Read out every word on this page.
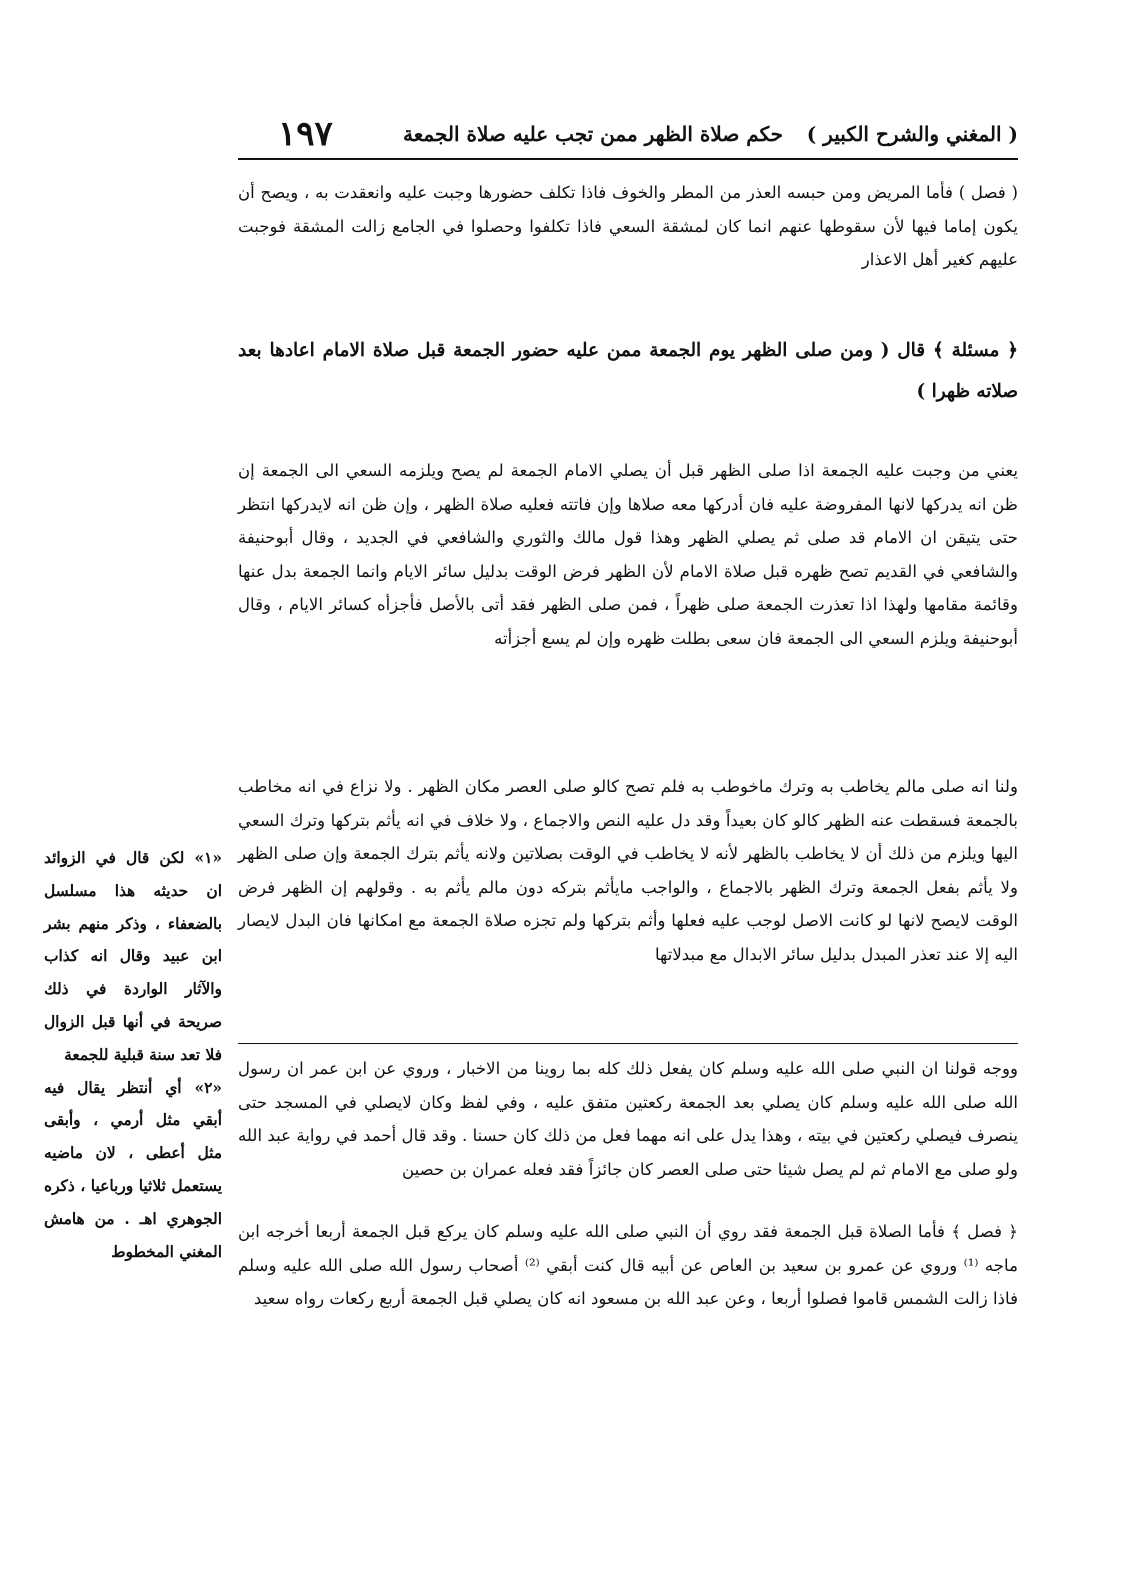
( المغني والشرح الكبير )
حكم صلاة الظهر ممن تجب عليه صلاة الجمعة
١٩٧

( فصل ) فأما المريض ومن حبسه العذر من المطر والخوف فاذا تكلف حضورها وجبت عليه وانعقدت به ، ويصح أن يكون إماما فيها لأن سقوطها عنهم انما كان لمشقة السعي فاذا تكلفوا وحصلوا في الجامع زالت المشقة فوجبت عليهم كغير أهل الاعذار

﴿ مسئلة ﴾ قال ( ومن صلى الظهر يوم الجمعة ممن عليه حضور الجمعة قبل صلاة الامام اعادها بعد صلاته ظهرا )

يعني من وجبت عليه الجمعة اذا صلى الظهر قبل أن يصلي الامام الجمعة لم يصح ويلزمه السعي الى الجمعة إن ظن انه يدركها لانها المفروضة عليه فان أدركها معه صلاها وإن فاتته فعليه صلاة الظهر ، وإن ظن انه لايدركها انتظر حتى يتيقن ان الامام قد صلى ثم يصلي الظهر وهذا قول مالك والثوري والشافعي في الجديد ، وقال أبوحنيفة والشافعي في القديم تصح ظهره قبل صلاة الامام لأن الظهر فرض الوقت بدليل سائر الايام وانما الجمعة بدل عنها وقائمة مقامها ولهذا اذا تعذرت الجمعة صلى ظهراً ، فمن صلى الظهر فقد أتى بالأصل فأجزأه كسائر الايام ، وقال أبوحنيفة ويلزم السعي الى الجمعة فان سعى بطلت ظهره وإن لم يسع أجزأته

ولنا انه صلى مالم يخاطب به وترك ماخوطب به فلم تصح كالو صلى العصر مكان الظهر . ولا نزاع في انه مخاطب بالجمعة فسقطت عنه الظهر كالو كان بعيداً وقد دل عليه النص والاجماع ، ولا خلاف في انه يأثم بتركها وترك السعي اليها ويلزم من ذلك أن لا يخاطب بالظهر لأنه لا يخاطب في الوقت بصلاتين ولانه يأثم بترك الجمعة وإن صلى الظهر ولا يأثم بفعل الجمعة وترك الظهر بالاجماع ، والواجب مايأثم بتركه دون مالم يأثم به . وقولهم إن الظهر فرض الوقت لايصح لانها لو كانت الاصل لوجب عليه فعلها وأثم بتركها ولم تجزه صلاة الجمعة مع امكانها فان البدل لايصار اليه إلا عند تعذر المبدل بدليل سائر الابدال مع مبدلاتها

ووجه قولنا ان النبي صلى الله عليه وسلم كان يفعل ذلك كله بما روينا من الاخبار ، وروي عن ابن عمر ان رسول الله صلى الله عليه وسلم كان يصلي بعد الجمعة ركعتين متفق عليه ، وفي لفظ وكان لايصلي في المسجد حتى ينصرف فيصلي ركعتين في بيته ، وهذا يدل على انه مهما فعل من ذلك كان حسنا . وقد قال أحمد في رواية عبد الله ولو صلى مع الامام ثم لم يصل شيئا حتى صلى العصر كان جائزاً فقد فعله عمران بن حصين

﴿ فصل ﴾ فأما الصلاة قبل الجمعة فقد روي أن النبي صلى الله عليه وسلم كان يركع قبل الجمعة أربعا أخرجه ابن ماجه ⁽¹⁾ وروي عن عمرو بن سعيد بن العاص عن أبيه قال كنت أبقي ⁽²⁾ أصحاب رسول الله صلى الله عليه وسلم فاذا زالت الشمس قاموا فصلوا أربعا ، وعن عبد الله بن مسعود انه كان يصلي قبل الجمعة أربع ركعات رواه سعيد

«١» لكن قال في الزوائد ان حديثه هذا مسلسل بالضعفاء ، وذكر منهم بشر ابن عبيد وقال انه كذاب والآثار الواردة في ذلك صريحة في أنها قبل الزوال فلا تعد سنة قبلية للجمعة

«٢» أي أنتظر يقال فيه أبقي مثل أرمي ، وأبقى مثل أعطى ، لان ماضيه يستعمل ثلاثيا ورباعيا ، ذكره الجوهري اهـ . من هامش المغني المخطوط
